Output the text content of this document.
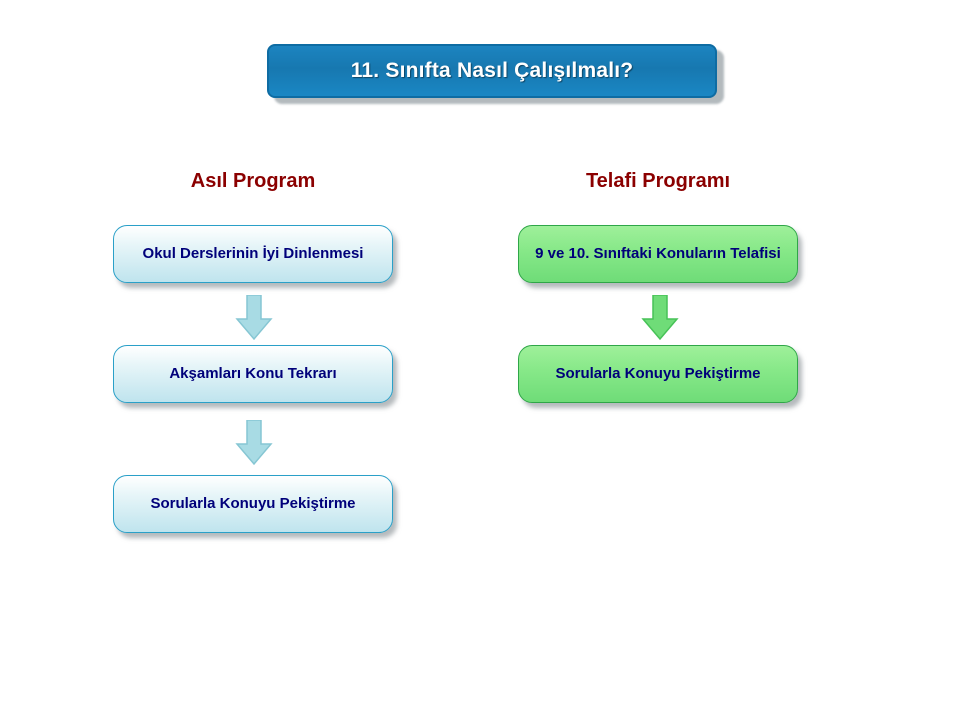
11. Sınıfta Nasıl Çalışılmalı?
Asıl Program	Telafi Programı
Okul Derslerinin İyi Dinlenmesi
Akşamları Konu Tekrarı
Sorularla Konuyu Pekiştirme
9 ve 10. Sınıftaki Konuların Telafisi
Sorularla Konuyu Pekiştirme
